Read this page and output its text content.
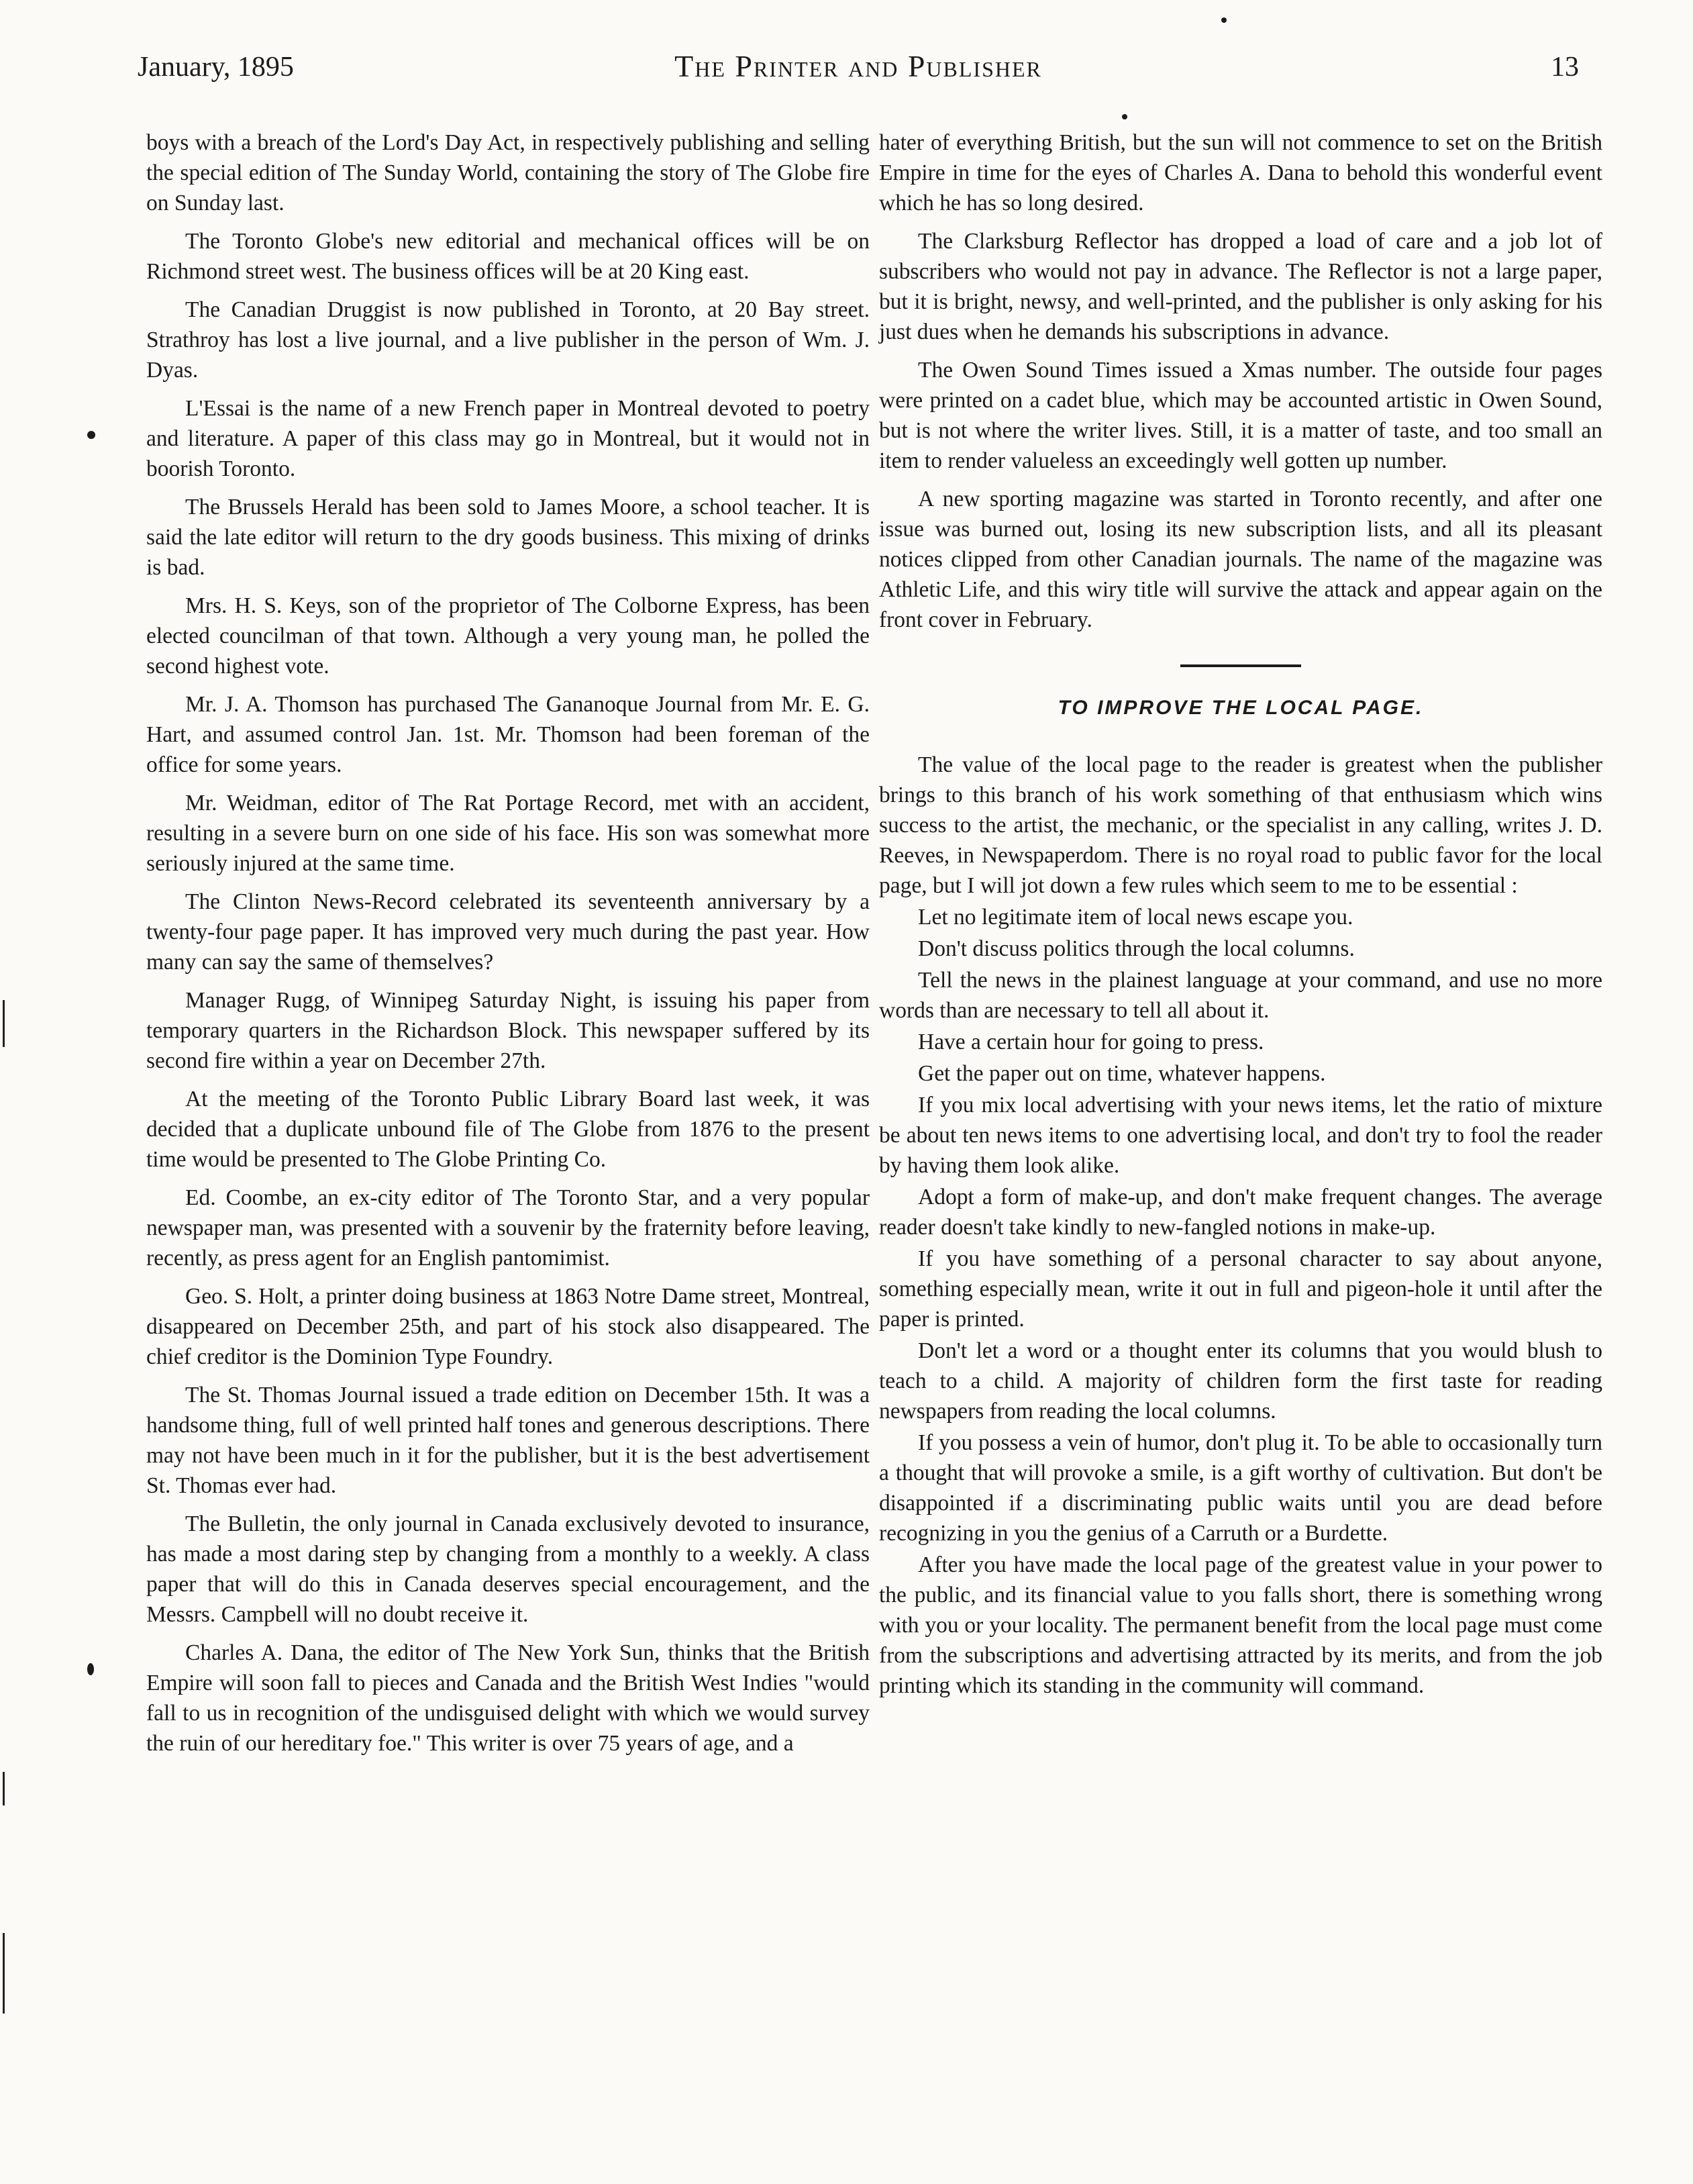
January, 1895	The Printer and Publisher	13

boys with a breach of the Lord's Day Act, in respectively publishing and selling the special edition of The Sunday World, containing the story of The Globe fire on Sunday last.

The Toronto Globe's new editorial and mechanical offices will be on Richmond street west. The business offices will be at 20 King east.

The Canadian Druggist is now published in Toronto, at 20 Bay street. Strathroy has lost a live journal, and a live publisher in the person of Wm. J. Dyas.

L'Essai is the name of a new French paper in Montreal devoted to poetry and literature. A paper of this class may go in Montreal, but it would not in boorish Toronto.

The Brussels Herald has been sold to James Moore, a school teacher. It is said the late editor will return to the dry goods business. This mixing of drinks is bad.

Mrs. H. S. Keys, son of the proprietor of The Colborne Express, has been elected councilman of that town. Although a very young man, he polled the second highest vote.

Mr. J. A. Thomson has purchased The Gananoque Journal from Mr. E. G. Hart, and assumed control Jan. 1st. Mr. Thomson had been foreman of the office for some years.

Mr. Weidman, editor of The Rat Portage Record, met with an accident, resulting in a severe burn on one side of his face. His son was somewhat more seriously injured at the same time.

The Clinton News-Record celebrated its seventeenth anniversary by a twenty-four page paper. It has improved very much during the past year. How many can say the same of themselves?

Manager Rugg, of Winnipeg Saturday Night, is issuing his paper from temporary quarters in the Richardson Block. This newspaper suffered by its second fire within a year on December 27th.

At the meeting of the Toronto Public Library Board last week, it was decided that a duplicate unbound file of The Globe from 1876 to the present time would be presented to The Globe Printing Co.

Ed. Coombe, an ex-city editor of The Toronto Star, and a very popular newspaper man, was presented with a souvenir by the fraternity before leaving, recently, as press agent for an English pantomimist.

Geo. S. Holt, a printer doing business at 1863 Notre Dame street, Montreal, disappeared on December 25th, and part of his stock also disappeared. The chief creditor is the Dominion Type Foundry.

The St. Thomas Journal issued a trade edition on December 15th. It was a handsome thing, full of well printed half tones and generous descriptions. There may not have been much in it for the publisher, but it is the best advertisement St. Thomas ever had.

The Bulletin, the only journal in Canada exclusively devoted to insurance, has made a most daring step by changing from a monthly to a weekly. A class paper that will do this in Canada deserves special encouragement, and the Messrs. Campbell will no doubt receive it.

Charles A. Dana, the editor of The New York Sun, thinks that the British Empire will soon fall to pieces and Canada and the British West Indies "would fall to us in recognition of the undisguised delight with which we would survey the ruin of our hereditary foe." This writer is over 75 years of age, and a

hater of everything British, but the sun will not commence to set on the British Empire in time for the eyes of Charles A. Dana to behold this wonderful event which he has so long desired.

The Clarksburg Reflector has dropped a load of care and a job lot of subscribers who would not pay in advance. The Reflector is not a large paper, but it is bright, newsy, and well-printed, and the publisher is only asking for his just dues when he demands his subscriptions in advance.

The Owen Sound Times issued a Xmas number. The outside four pages were printed on a cadet blue, which may be accounted artistic in Owen Sound, but is not where the writer lives. Still, it is a matter of taste, and too small an item to render valueless an exceedingly well gotten up number.

A new sporting magazine was started in Toronto recently, and after one issue was burned out, losing its new subscription lists, and all its pleasant notices clipped from other Canadian journals. The name of the magazine was Athletic Life, and this wiry title will survive the attack and appear again on the front cover in February.

TO IMPROVE THE LOCAL PAGE.

The value of the local page to the reader is greatest when the publisher brings to this branch of his work something of that enthusiasm which wins success to the artist, the mechanic, or the specialist in any calling, writes J. D. Reeves, in Newspaperdom. There is no royal road to public favor for the local page, but I will jot down a few rules which seem to me to be essential :

Let no legitimate item of local news escape you.

Don't discuss politics through the local columns.

Tell the news in the plainest language at your command, and use no more words than are necessary to tell all about it.

Have a certain hour for going to press.

Get the paper out on time, whatever happens.

If you mix local advertising with your news items, let the ratio of mixture be about ten news items to one advertising local, and don't try to fool the reader by having them look alike.

Adopt a form of make-up, and don't make frequent changes. The average reader doesn't take kindly to new-fangled notions in make-up.

If you have something of a personal character to say about anyone, something especially mean, write it out in full and pigeon-hole it until after the paper is printed.

Don't let a word or a thought enter its columns that you would blush to teach to a child. A majority of children form the first taste for reading newspapers from reading the local columns.

If you possess a vein of humor, don't plug it. To be able to occasionally turn a thought that will provoke a smile, is a gift worthy of cultivation. But don't be disappointed if a discriminating public waits until you are dead before recognizing in you the genius of a Carruth or a Burdette.

After you have made the local page of the greatest value in your power to the public, and its financial value to you falls short, there is something wrong with you or your locality. The permanent benefit from the local page must come from the subscriptions and advertising attracted by its merits, and from the job printing which its standing in the community will command.
